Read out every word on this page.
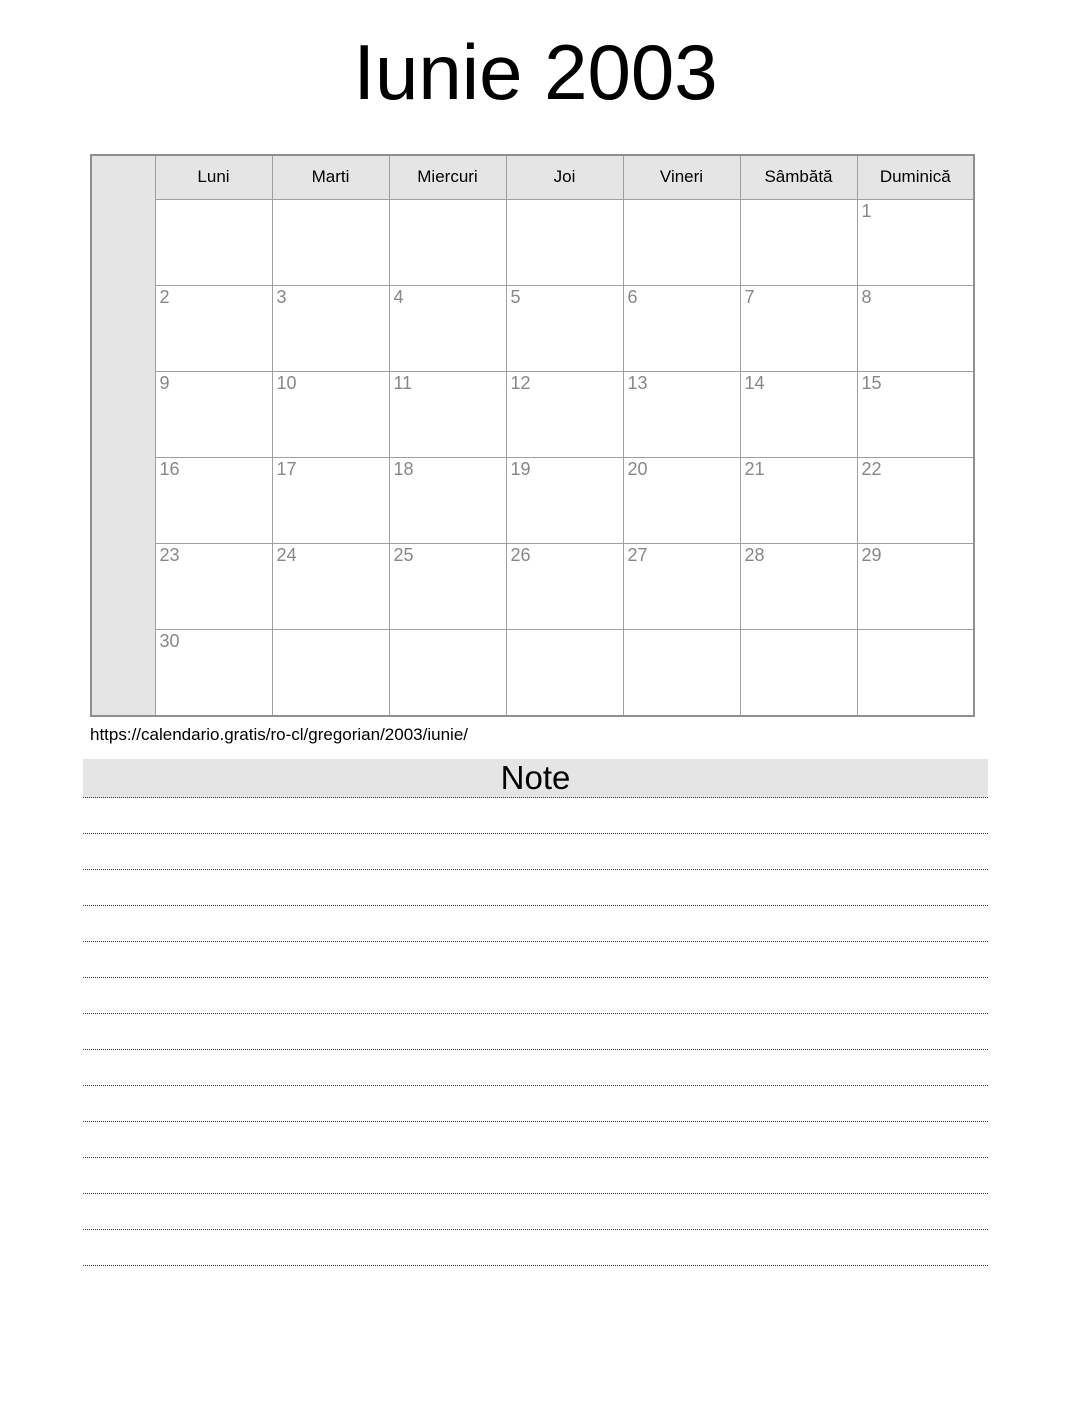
Iunie 2003
	Luni	Marti	Miercuri	Joi	Vineri	Sâmbătă	Duminică
							1
	2	3	4	5	6	7	8
	9	10	11	12	13	14	15
	16	17	18	19	20	21	22
	23	24	25	26	27	28	29
	30						
https://calendario.gratis/ro-cl/gregorian/2003/iunie/
Note
